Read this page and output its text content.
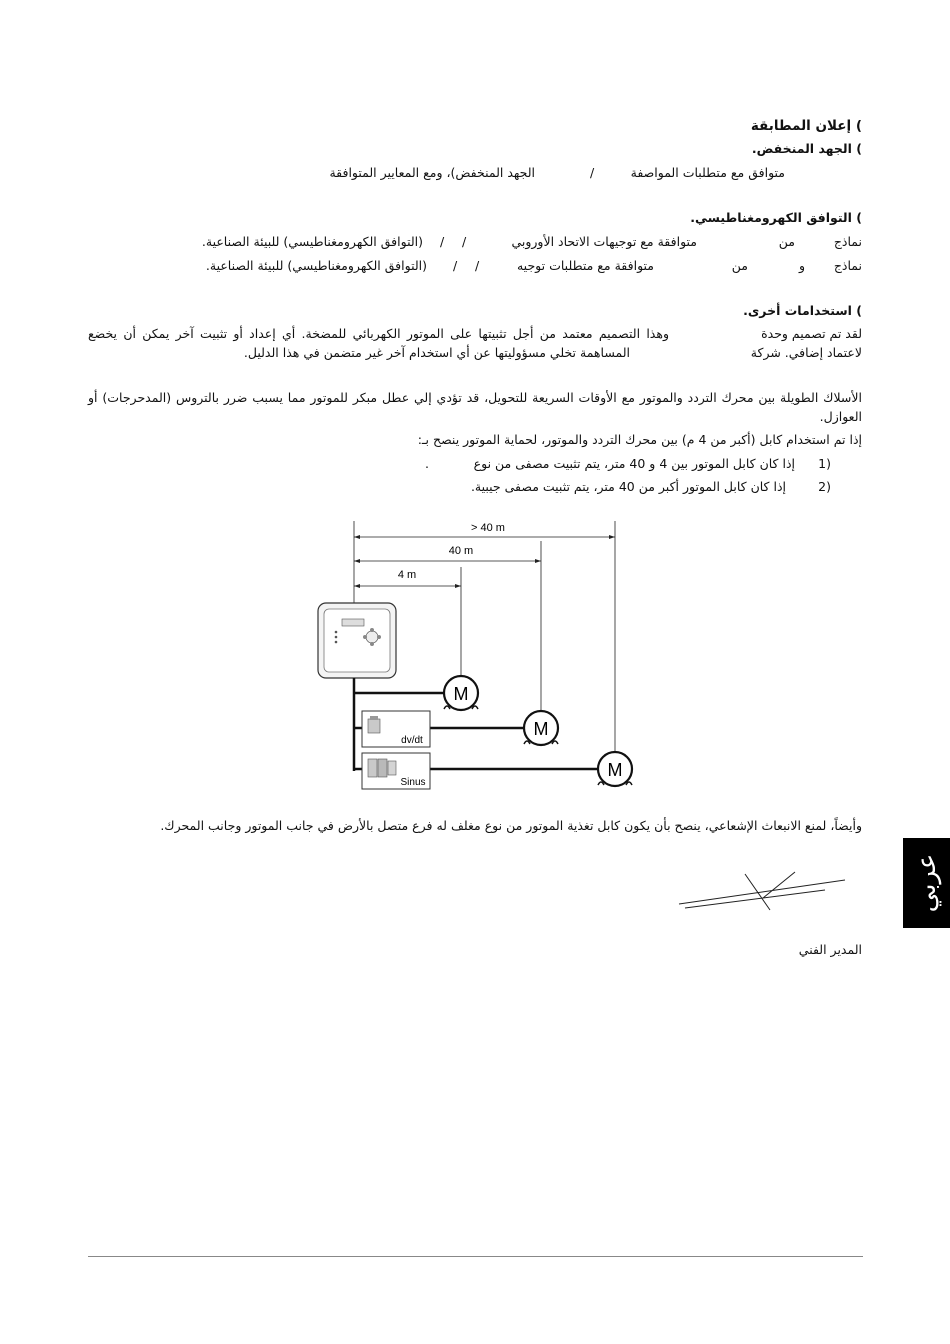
) إعلان المطابقة
) الجهد المنخفض.
متوافق مع متطلبات المواصفة
/
الجهد المنخفض)، ومع المعايير المتوافقة
) التوافق الكهرومغناطيسي.
نماذج
من
متوافقة مع توجيهات الاتحاد الأوروبي
/
/
(التوافق الكهرومغناطيسي) للبيئة الصناعية.
نماذج
من	و
متوافقة مع متطلبات توجيه
/
/
(التوافق الكهرومغناطيسي) للبيئة الصناعية.
) استخدامات أخرى.
لقد تم تصميم وحدة
وهذا التصميم معتمد من أجل تثبيتها على الموتور الكهربائي للمضخة. أي إعداد أو تثبيت آخر يمكن أن يخضع
لاعتماد إضافي. شركة
المساهمة تخلي مسؤوليتها عن أي استخدام آخر غير متضمن في هذا الدليل.
الأسلاك الطويلة بين محرك التردد والموتور مع الأوقات السريعة للتحويل، قد تؤدي إلي عطل مبكر للموتور مما يسبب ضرر بالتروس (المدحرجات) أو
العوازل.
إذا تم استخدام كابل (أكبر من 4 م) بين محرك التردد والموتور، لحماية الموتور ينصح بـ:
(1
إذا كان كابل الموتور بين 4 و 40 متر، يتم تثبيت مصفى من نوع
.
(2
إذا كان كابل الموتور أكبر من 40 متر، يتم تثبيت مصفى جيبية.
> 40 m
40 m
4 m
dv/dt
Sinus
M
M
M
وأيضاً، لمنع الانبعاث الإشعاعي، ينصح بأن يكون كابل تغذية الموتور من نوع مغلف له فرع متصل بالأرض في جانب الموتور وجانب المحرك.
المدير الفني
عربي
